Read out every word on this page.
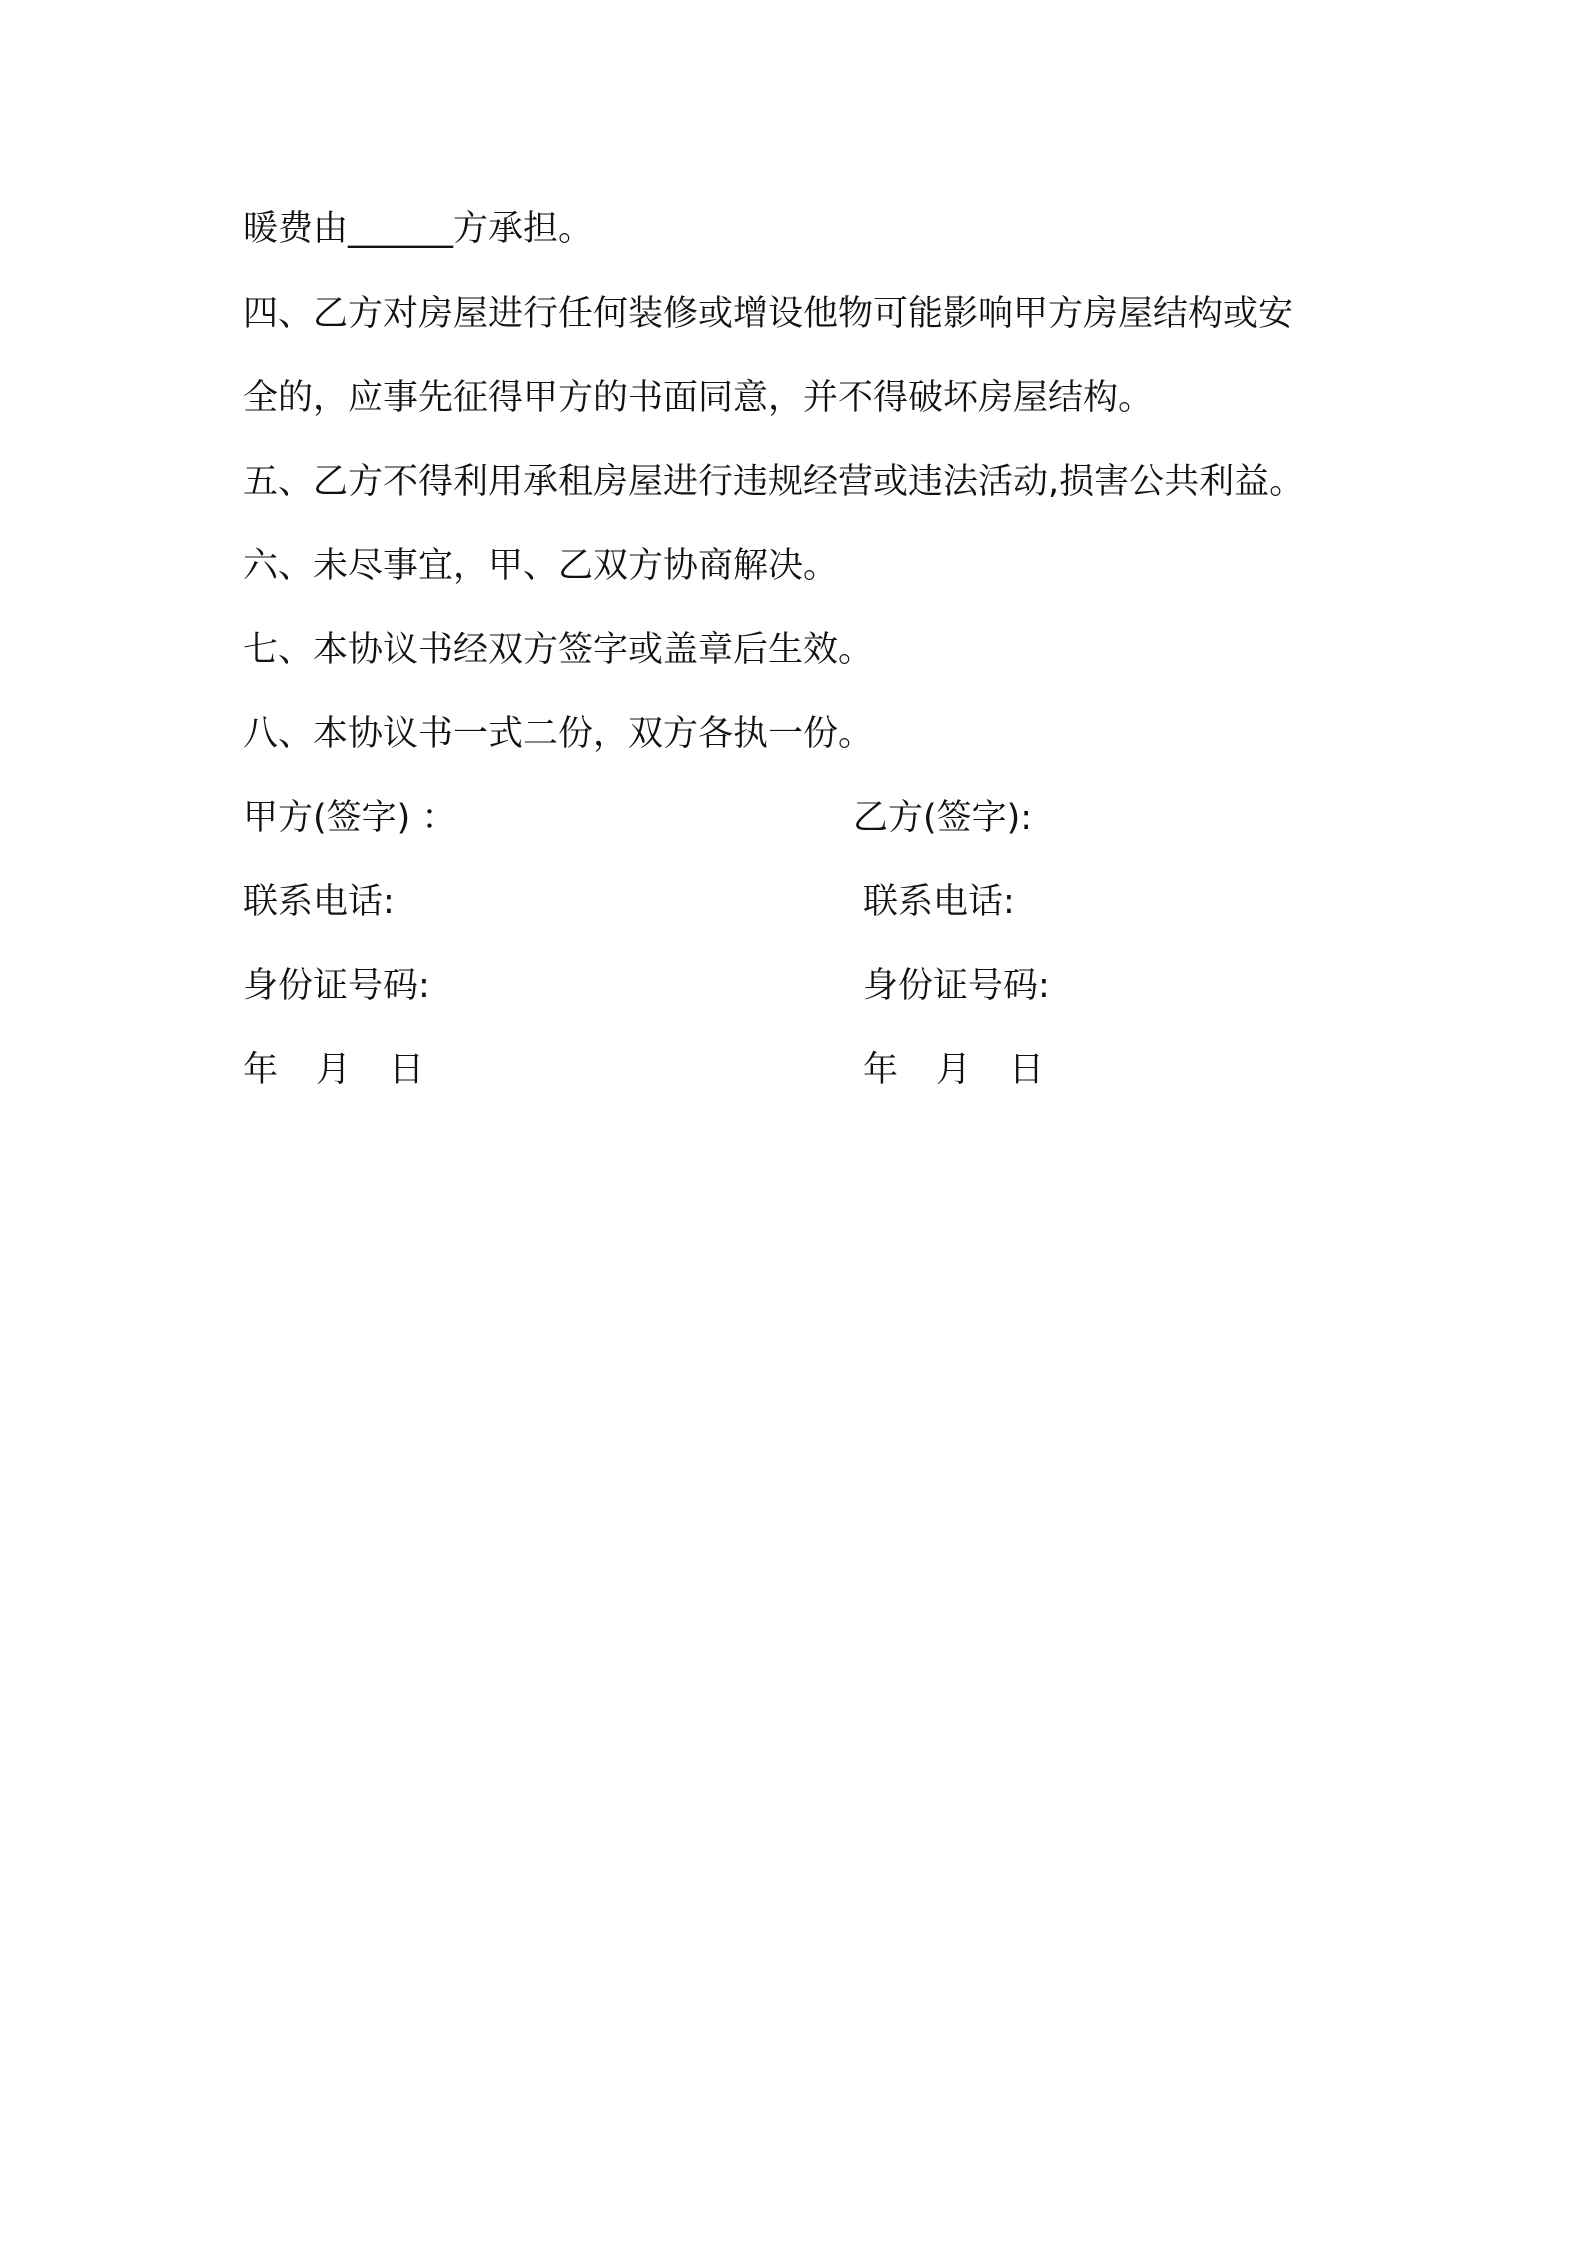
暖费由______方承担。
四、乙方对房屋进行任何装修或增设他物可能影响甲方房屋结构或安
全的，应事先征得甲方的书面同意，并不得破坏房屋结构。
五、乙方不得利用承租房屋进行违规经营或违法活动,损害公共利益。
六、未尽事宜，甲、乙双方协商解决。
七、本协议书经双方签字或盖章后生效。
八、本协议书一式二份，双方各执一份。
甲方(签字) ：
联系电话:
身份证号码:
年 月 日
乙方(签字):
联系电话:
身份证号码:
年 月 日
